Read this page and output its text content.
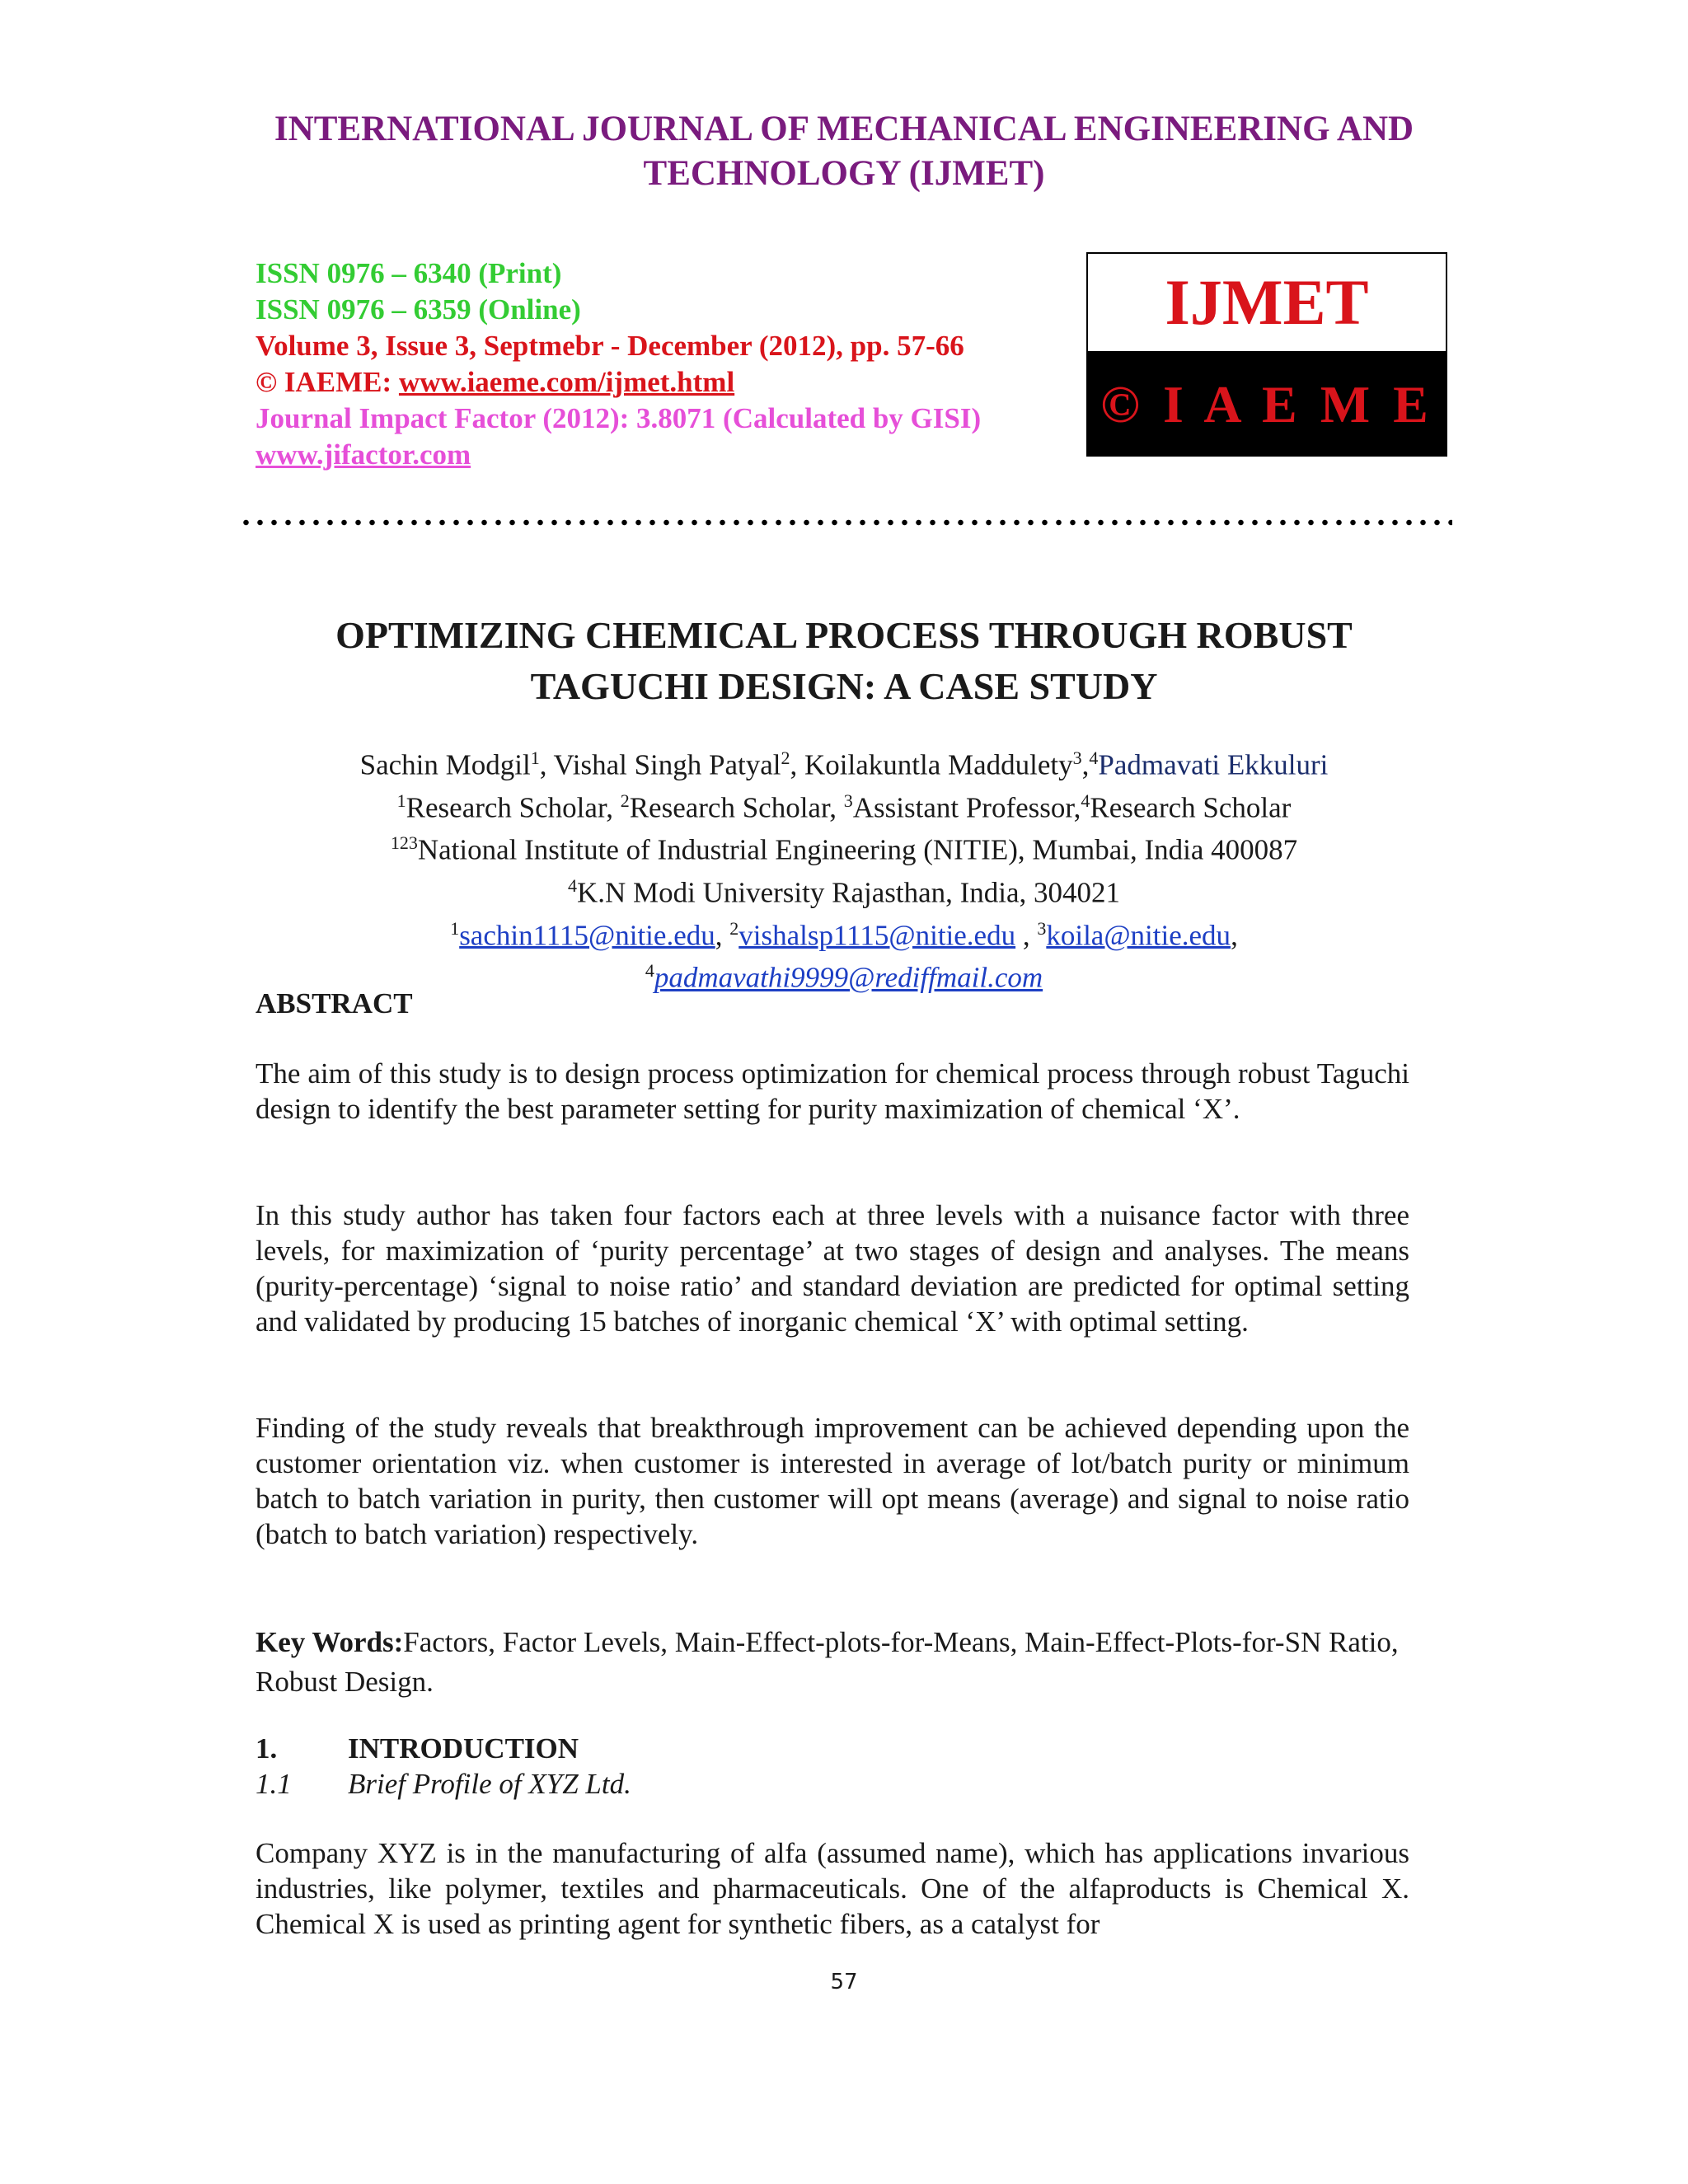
INTERNATIONAL JOURNAL OF MECHANICAL ENGINEERING AND
TECHNOLOGY (IJMET)
ISSN 0976 – 6340 (Print)
ISSN 0976 – 6359 (Online)
Volume 3, Issue 3, Septmebr - December (2012), pp. 57-66
© IAEME: www.iaeme.com/ijmet.html
Journal Impact Factor (2012): 3.8071 (Calculated by GISI)
www.jifactor.com
IJMET
© I A E M E
OPTIMIZING CHEMICAL PROCESS THROUGH ROBUST
TAGUCHI DESIGN: A CASE STUDY
Sachin Modgil$^1$, Vishal Singh Patyal$^2$, Koilakuntla Maddulety$^3$,$^4$Padmavati Ekkuluri
$^1$Research Scholar, $^2$Research Scholar, $^3$Assistant Professor,$^4$Research Scholar
$^{123}$National Institute of Industrial Engineering (NITIE), Mumbai, India 400087
$^4$K.N Modi University Rajasthan, India, 304021
$^1$sachin1115@nitie.edu, $^2$vishalsp1115@nitie.edu , $^3$koila@nitie.edu,
$^4$padmavathi9999@rediffmail.com
ABSTRACT
The aim of this study is to design process optimization for chemical process through robust Taguchi design to identify the best parameter setting for purity maximization of chemical ‘X’.
In this study author has taken four factors each at three levels with a nuisance factor with three levels, for maximization of ‘purity percentage’ at two stages of design and analyses. The means (purity-percentage) ‘signal to noise ratio’ and standard deviation are predicted for optimal setting and validated by producing 15 batches of inorganic chemical ‘X’ with optimal setting.
Finding of the study reveals that breakthrough improvement can be achieved depending upon the customer orientation viz. when customer is interested in average of lot/batch purity or minimum batch to batch variation in purity, then customer will opt means (average) and signal to noise ratio (batch to batch variation) respectively.
Key Words:Factors, Factor Levels, Main-Effect-plots-for-Means, Main-Effect-Plots-for-SN Ratio, Robust Design.
1. INTRODUCTION
1.1 Brief Profile of XYZ Ltd.
Company XYZ is in the manufacturing of alfa (assumed name), which has applications invarious industries, like polymer, textiles and pharmaceuticals. One of the alfaproducts is Chemical X. Chemical X is used as printing agent for synthetic fibers, as a catalyst for
57
